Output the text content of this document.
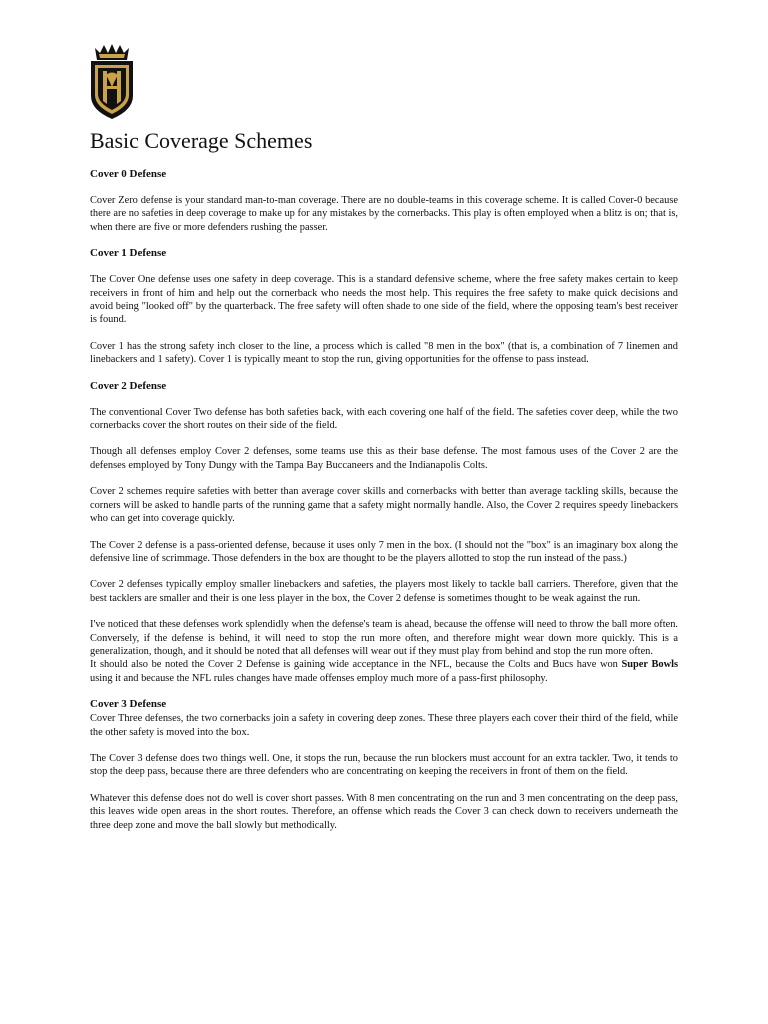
Basic Coverage Schemes
Cover 0 Defense

Cover Zero defense is your standard man-to-man coverage. There are no double-teams in this coverage scheme. It is called Cover-0 because there are no safeties in deep coverage to make up for any mistakes by the cornerbacks. This play is often employed when a blitz is on; that is, when there are five or more defenders rushing the passer.

Cover 1 Defense

The Cover One defense uses one safety in deep coverage. This is a standard defensive scheme, where the free safety makes certain to keep receivers in front of him and help out the cornerback who needs the most help. This requires the free safety to make quick decisions and avoid being "looked off" by the quarterback. The free safety will often shade to one side of the field, where the opposing team's best receiver is found.

Cover 1 has the strong safety inch closer to the line, a process which is called "8 men in the box" (that is, a combination of 7 linemen and linebackers and 1 safety). Cover 1 is typically meant to stop the run, giving opportunities for the offense to pass instead.

Cover 2 Defense

The conventional Cover Two defense has both safeties back, with each covering one half of the field. The safeties cover deep, while the two cornerbacks cover the short routes on their side of the field.

Though all defenses employ Cover 2 defenses, some teams use this as their base defense. The most famous uses of the Cover 2 are the defenses employed by Tony Dungy with the Tampa Bay Buccaneers and the Indianapolis Colts.

Cover 2 schemes require safeties with better than average cover skills and cornerbacks with better than average tackling skills, because the corners will be asked to handle parts of the running game that a safety might normally handle. Also, the Cover 2 requires speedy linebackers who can get into coverage quickly.

The Cover 2 defense is a pass-oriented defense, because it uses only 7 men in the box. (I should not the "box" is an imaginary box along the defensive line of scrimmage. Those defenders in the box are thought to be the players allotted to stop the run instead of the pass.)

Cover 2 defenses typically employ smaller linebackers and safeties, the players most likely to tackle ball carriers. Therefore, given that the best tacklers are smaller and their is one less player in the box, the Cover 2 defense is sometimes thought to be weak against the run.

I've noticed that these defenses work splendidly when the defense's team is ahead, because the offense will need to throw the ball more often. Conversely, if the defense is behind, it will need to stop the run more often, and therefore might wear down more quickly. This is a generalization, though, and it should be noted that all defenses will wear out if they must play from behind and stop the run more often.

It should also be noted the Cover 2 Defense is gaining wide acceptance in the NFL, because the Colts and Bucs have won Super Bowls using it and because the NFL rules changes have made offenses employ much more of a pass-first philosophy.

Cover 3 Defense

Cover Three defenses, the two cornerbacks join a safety in covering deep zones. These three players each cover their third of the field, while the other safety is moved into the box.

The Cover 3 defense does two things well. One, it stops the run, because the run blockers must account for an extra tackler. Two, it tends to stop the deep pass, because there are three defenders who are concentrating on keeping the receivers in front of them on the field.

Whatever this defense does not do well is cover short passes. With 8 men concentrating on the run and 3 men concentrating on the deep pass, this leaves wide open areas in the short routes. Therefore, an offense which reads the Cover 3 can check down to receivers underneath the three deep zone and move the ball slowly but methodically.
